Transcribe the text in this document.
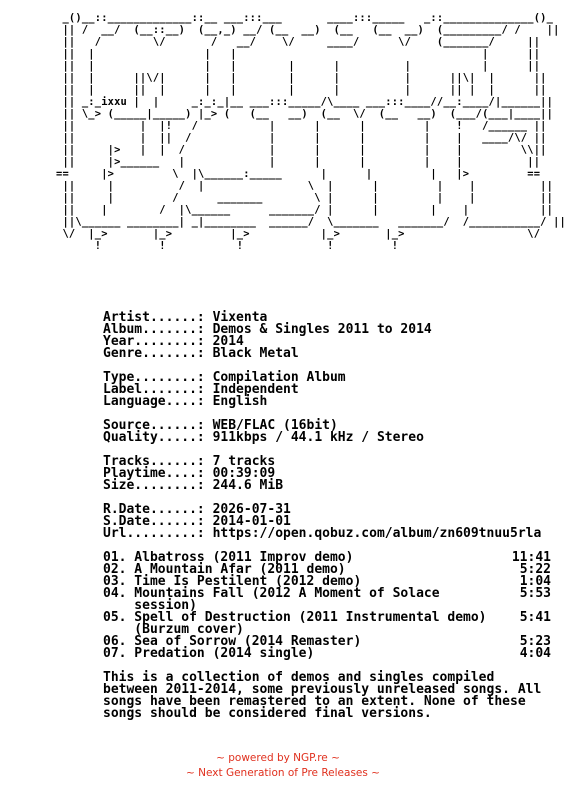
_()__::_____________::__ ___:::___       ____:::_____   _::______________()_
|| /  __/  (__::__)  (__,_) __/ (__  __)  (__   (__  __)  (_________/ /    ||
||   /        \/       /   __/    \/     ____/      \/    (_______/     ||
||  |                 |   |                                      |      ||
||  |                 |   |        |      |          |           |      ||
||  |      ||\/|      |   |        |      |          |      ||\|  |      ||
||  |      ||  |      |   |        |      |          |      || |  |      ||
|| _:_ixxu |  |     _:_:_|__ ___:::_____/\____ ___:::____//__:____/|______||
|| \_> (_____|_____) |_> (   (__   __)  (__  \/  (__   __)  (___/(___|____||
||          |  |!   /           |      |      |         |    !   /______ ||
||          |  ||  /            |      |      |         |    |   ____/\/ ||
||     |>   |  |  /             |      |      |         |    |         \\||
||     |>______   |             |      |      |         |    |          ||
==     |>         \  |\______:_____      |      |         |   |>         ==
||     |          /  |                \  |      |         |    |          ||
||     |         /      _______        \ |      |         |    |          ||
||    |        /  |\______      _______/ |      |        |    |           ||
||\______ ________| _|________  ______/  \_______   _______/  /___________/ ||
\/  |_>       |_>         |_>           |_>       |_>                   \/
!         !           !             !         !
Artist......: Vixenta
Album.......: Demos & Singles 2011 to 2014
Year........: 2014
Genre.......: Black Metal
Type........: Compilation Album
Label.......: Independent
Language....: English
Source......: WEB/FLAC (16bit)
Quality.....: 911kbps / 44.1 kHz / Stereo
Tracks......: 7 tracks
Playtime....: 00:39:09
Size........: 244.6 MiB
R.Date......: 2026-07-31
S.Date......: 2014-01-01
Url.........: https://open.qobuz.com/album/zn609tnuu5rla
01. Albatross (2011 Improv demo)	11:41
02. A Mountain Afar (2011 demo)	5:22
03. Time Is Pestilent (2012 demo)	1:04
04. Mountains Fall (2012 A Moment of Solace	5:53
session)
05. Spell of Destruction (2011 Instrumental demo)	5:41
(Burzum cover)
06. Sea of Sorrow (2014 Remaster)	5:23
07. Predation (2014 single)	4:04
This is a collection of demos and singles compiled
between 2011-2014, some previously unreleased songs. All
songs have been remastered to an extent. None of these
songs should be considered final versions.
~ powered by NGP.re ~
~ Next Generation of Pre Releases ~
